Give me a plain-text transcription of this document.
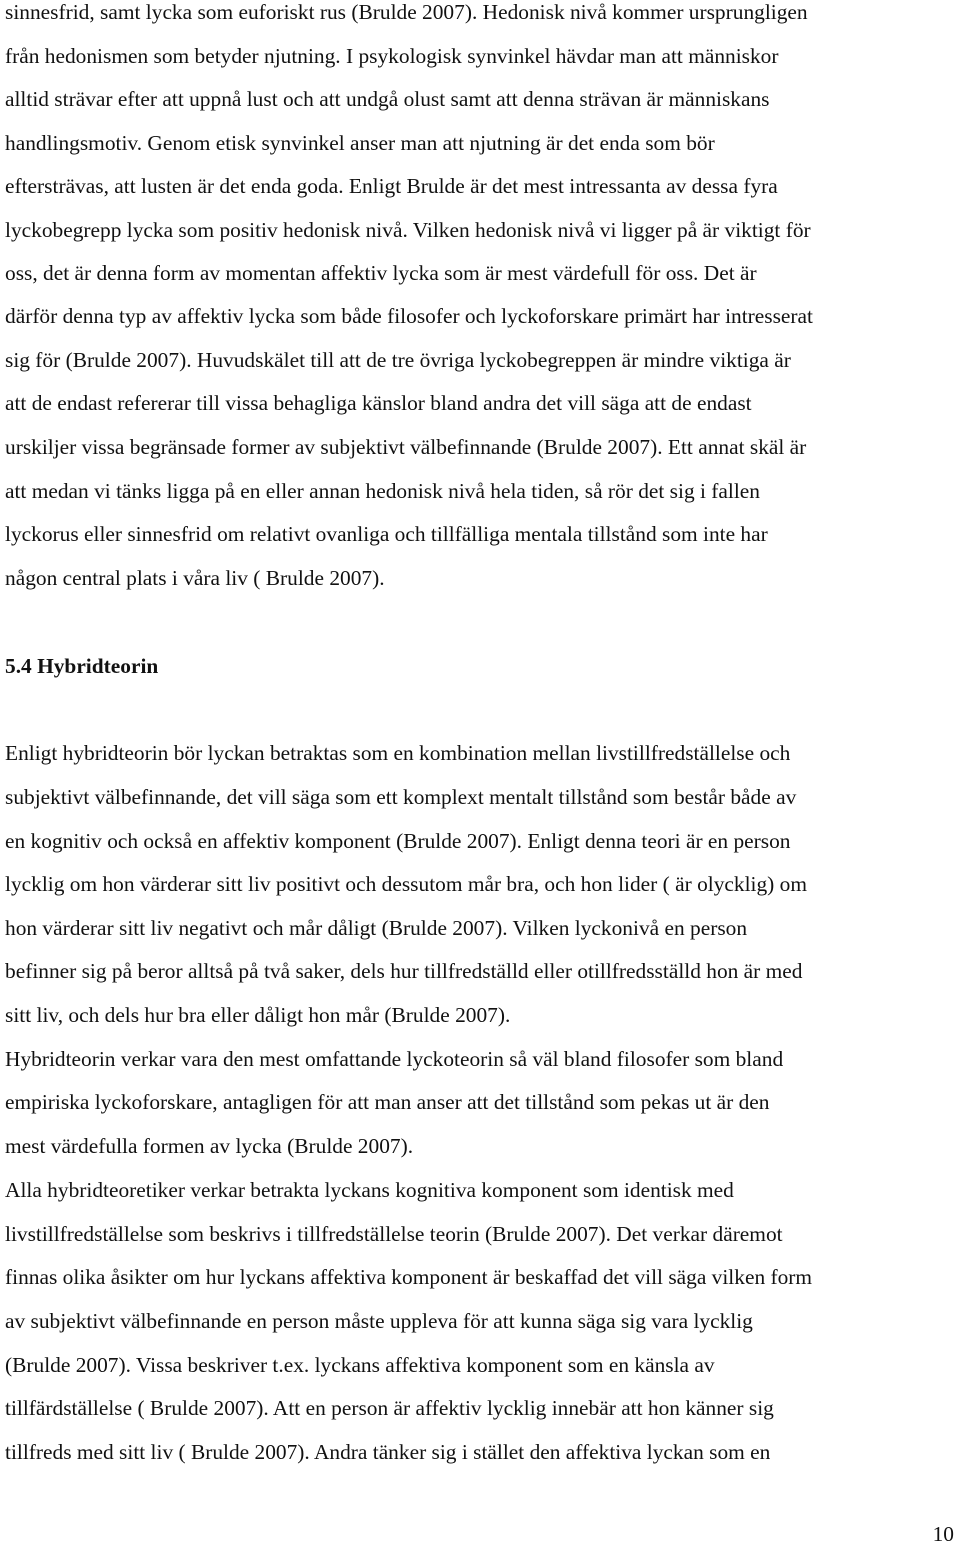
sinnesfrid, samt lycka som euforiskt rus (Brulde 2007). Hedonisk nivå kommer ursprungligen
från hedonismen som betyder njutning. I psykologisk synvinkel hävdar man att människor
alltid strävar efter att uppnå lust och att undgå olust samt att denna strävan är människans
handlingsmotiv. Genom etisk synvinkel anser man att njutning är det enda som bör
eftersträvas, att lusten är det enda goda. Enligt Brulde är det mest intressanta av dessa fyra
lyckobegrepp lycka som positiv hedonisk nivå. Vilken hedonisk nivå vi ligger på är viktigt för
oss, det är denna form av momentan affektiv lycka som är mest värdefull för oss. Det är
därför denna typ av affektiv lycka som både filosofer och lyckoforskare primärt har intresserat
sig för (Brulde 2007). Huvudskälet till att de tre övriga lyckobegreppen är mindre viktiga är
att de endast refererar till vissa behagliga känslor bland andra det vill säga att de endast
urskiljer vissa begränsade former av subjektivt välbefinnande (Brulde 2007). Ett annat skäl är
att medan vi tänks ligga på en eller annan hedonisk nivå hela tiden, så rör det sig i fallen
lyckorus eller sinnesfrid om relativt ovanliga och tillfälliga mentala tillstånd som inte har
någon central plats i våra liv ( Brulde 2007).
5.4 Hybridteorin
Enligt hybridteorin bör lyckan betraktas som en kombination mellan livstillfredställelse och
subjektivt välbefinnande, det vill säga som ett komplext mentalt tillstånd som består både av
en kognitiv och också en affektiv komponent (Brulde 2007). Enligt denna teori är en person
lycklig om hon värderar sitt liv positivt och dessutom mår bra, och hon lider ( är olycklig) om
hon värderar sitt liv negativt och mår dåligt (Brulde 2007). Vilken lyckonivå en person
befinner sig på beror alltså på två saker, dels hur tillfredställd eller otillfredsställd hon är med
sitt liv, och dels hur bra eller dåligt hon mår (Brulde 2007).
Hybridteorin verkar vara den mest omfattande lyckoteorin så väl bland filosofer som bland
empiriska lyckoforskare, antagligen för att man anser att det tillstånd som pekas ut är den
mest värdefulla formen av lycka (Brulde 2007).
Alla hybridteoretiker verkar betrakta lyckans kognitiva komponent som identisk med
livstillfredställelse som beskrivs i tillfredställelse teorin (Brulde 2007). Det verkar däremot
finnas olika åsikter om hur lyckans affektiva komponent är beskaffad det vill säga vilken form
av subjektivt välbefinnande en person måste uppleva för att kunna säga sig vara lycklig
(Brulde 2007). Vissa beskriver t.ex. lyckans affektiva komponent som en känsla av
tillfärdställelse ( Brulde 2007). Att en person är affektiv lycklig innebär att hon känner sig
tillfreds med sitt liv ( Brulde 2007). Andra tänker sig i stället den affektiva lyckan som en
10
